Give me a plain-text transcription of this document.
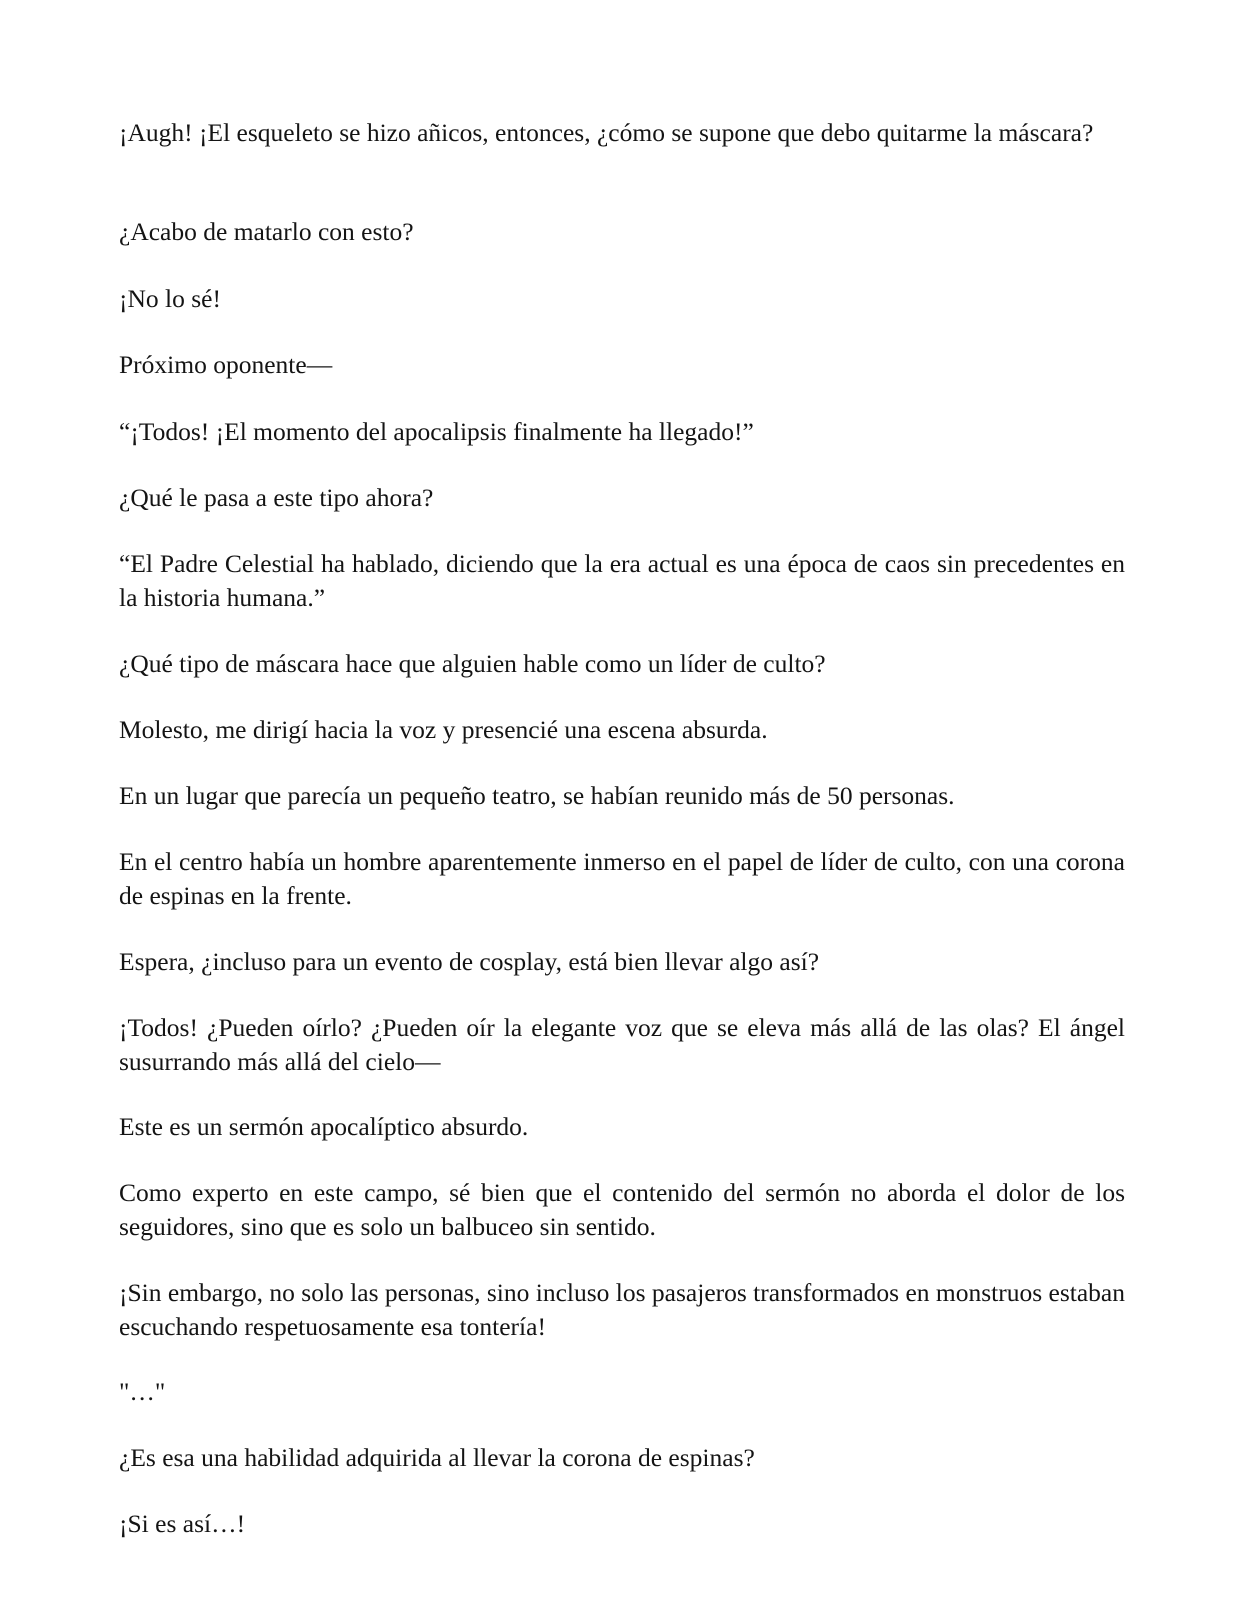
¡Augh! ¡El esqueleto se hizo añicos, entonces, ¿cómo se supone que debo quitarme la máscara?

¿Acabo de matarlo con esto?

¡No lo sé!

Próximo oponente—

“¡Todos! ¡El momento del apocalipsis finalmente ha llegado!”

¿Qué le pasa a este tipo ahora?

“El Padre Celestial ha hablado, diciendo que la era actual es una época de caos sin precedentes en la historia humana.”

¿Qué tipo de máscara hace que alguien hable como un líder de culto?

Molesto, me dirigí hacia la voz y presencié una escena absurda.

En un lugar que parecía un pequeño teatro, se habían reunido más de 50 personas.

En el centro había un hombre aparentemente inmerso en el papel de líder de culto, con una corona de espinas en la frente.

Espera, ¿incluso para un evento de cosplay, está bien llevar algo así?

¡Todos! ¿Pueden oírlo? ¿Pueden oír la elegante voz que se eleva más allá de las olas? El ángel susurrando más allá del cielo—

Este es un sermón apocalíptico absurdo.

Como experto en este campo, sé bien que el contenido del sermón no aborda el dolor de los seguidores, sino que es solo un balbuceo sin sentido.

¡Sin embargo, no solo las personas, sino incluso los pasajeros transformados en monstruos estaban escuchando respetuosamente esa tontería!

"…"

¿Es esa una habilidad adquirida al llevar la corona de espinas?

¡Si es así…!
